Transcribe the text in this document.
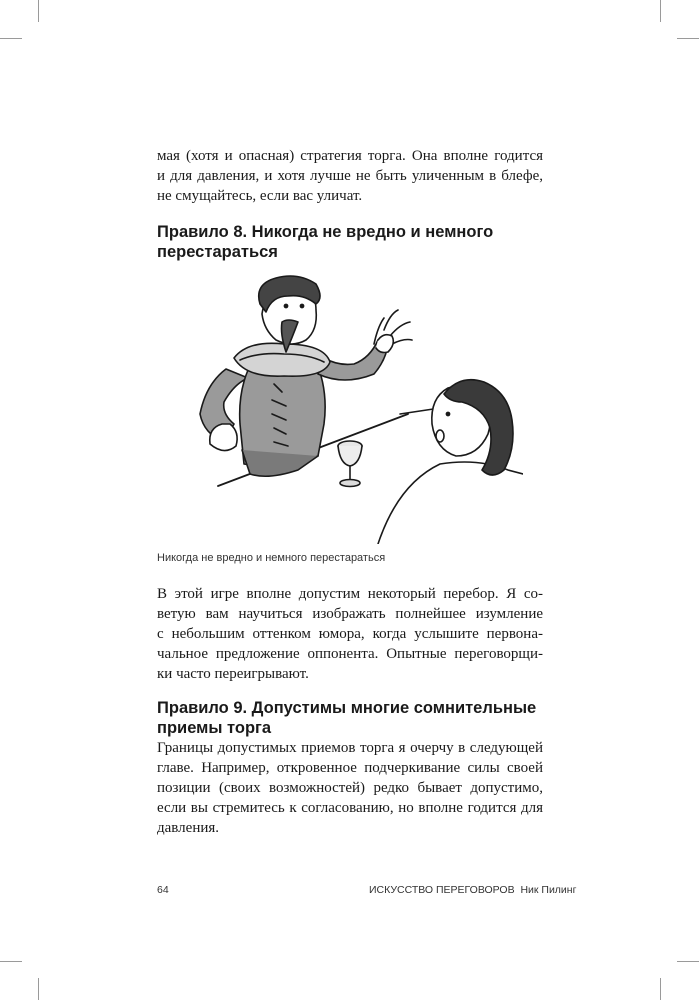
мая (хотя и опасная) стратегия торга. Она вполне годится
и для давления, и хотя лучше не быть уличенным в блефе,
не смущайтесь, если вас уличат.
Правило 8. Никогда не вредно и немного
перестараться
Никогда не вредно и немного перестараться
В этой игре вполне допустим некоторый перебор. Я со-
ветую вам научиться изображать полнейшее изумление
с небольшим оттенком юмора, когда услышите первона-
чальное предложение оппонента. Опытные переговорщи-
ки часто переигрывают.
Правило 9. Допустимы многие сомнительные
приемы торга
Границы допустимых приемов торга я очерчу в следующей
главе. Например, откровенное подчеркивание силы своей
позиции (своих возможностей) редко бывает допустимо,
если вы стремитесь к согласованию, но вполне годится для
давления.
64	ИСКУССТВО ПЕРЕГОВОРОВ Ник Пилинг
